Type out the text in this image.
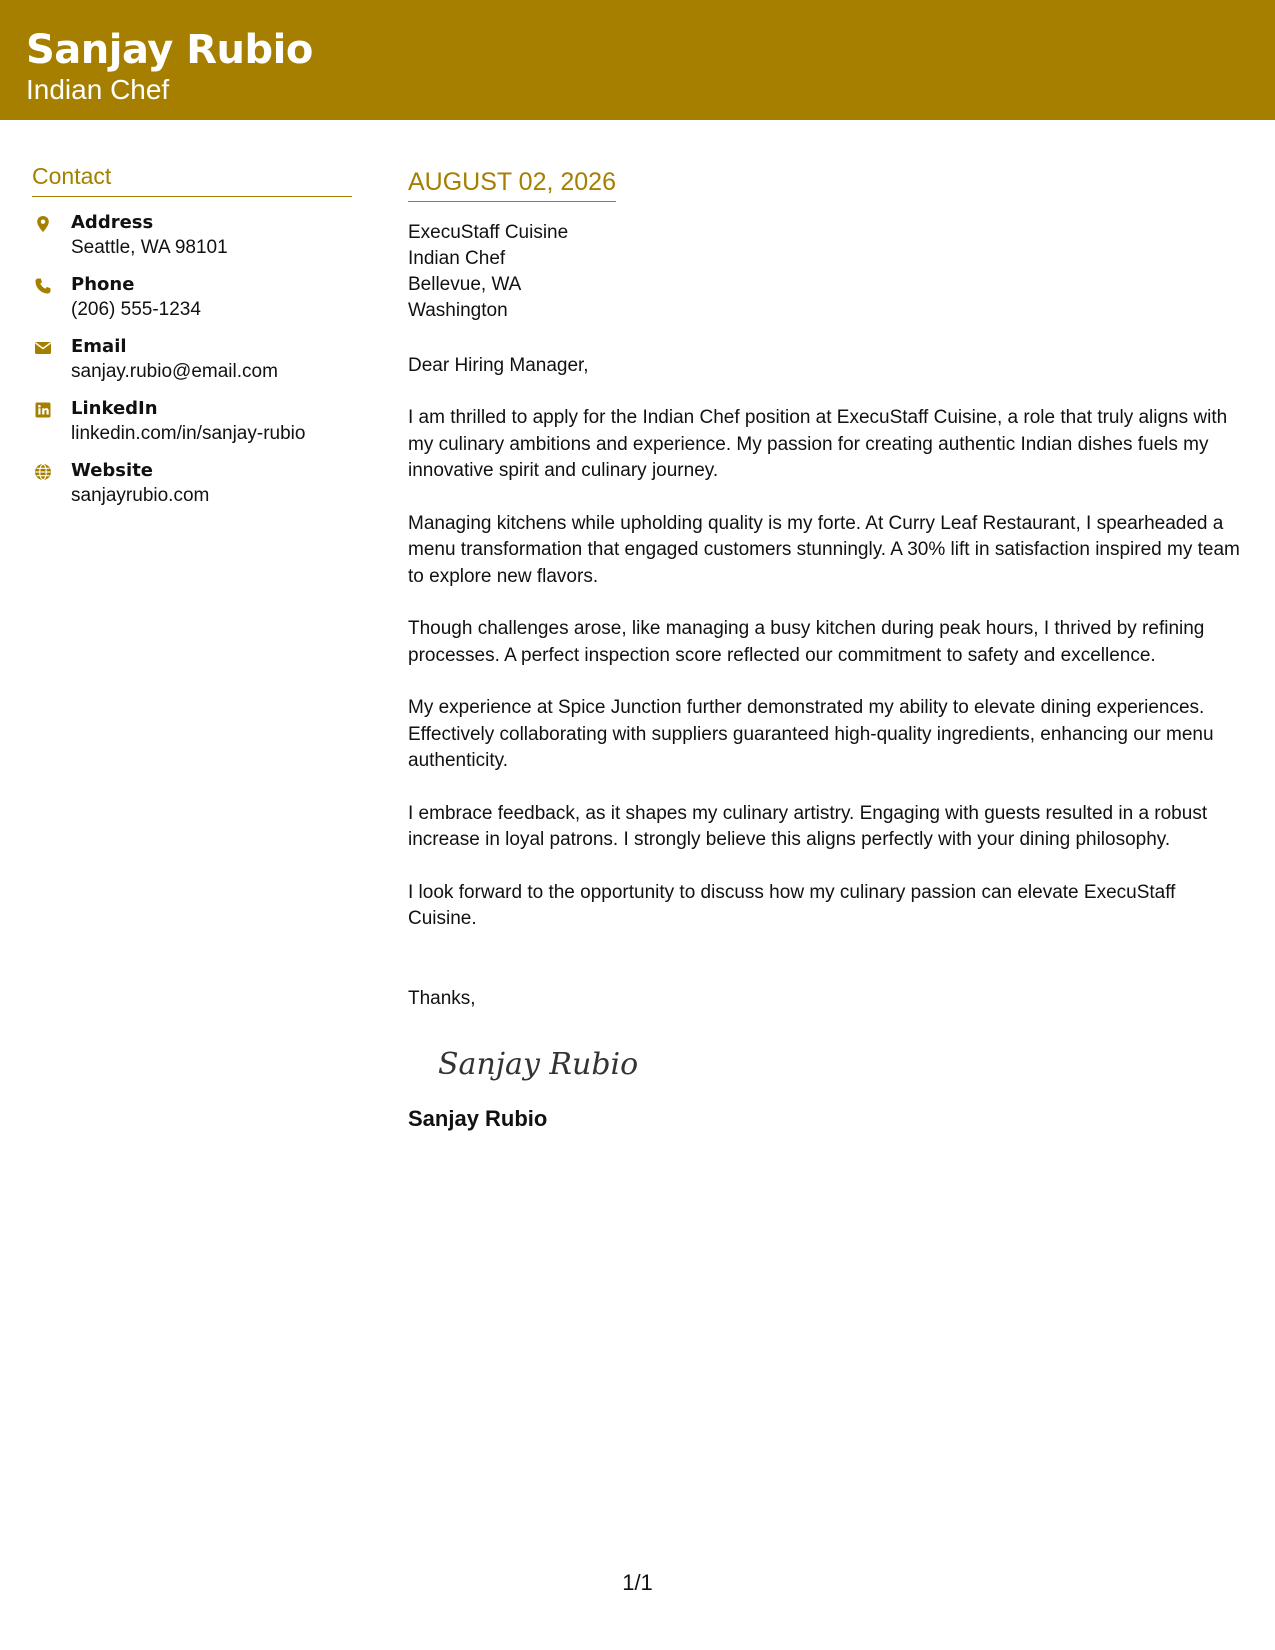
Sanjay Rubio
Indian Chef
Contact
Address
Seattle, WA 98101
Phone
(206) 555-1234
Email
sanjay.rubio@email.com
LinkedIn
linkedin.com/in/sanjay-rubio
Website
sanjayrubio.com
AUGUST 02, 2026
ExecuStaff Cuisine
Indian Chef
Bellevue, WA
Washington
Dear Hiring Manager,
I am thrilled to apply for the Indian Chef position at ExecuStaff Cuisine, a role that truly aligns with my culinary ambitions and experience. My passion for creating authentic Indian dishes fuels my innovative spirit and culinary journey.
Managing kitchens while upholding quality is my forte. At Curry Leaf Restaurant, I spearheaded a menu transformation that engaged customers stunningly. A 30% lift in satisfaction inspired my team to explore new flavors.
Though challenges arose, like managing a busy kitchen during peak hours, I thrived by refining processes. A perfect inspection score reflected our commitment to safety and excellence.
My experience at Spice Junction further demonstrated my ability to elevate dining experiences. Effectively collaborating with suppliers guaranteed high-quality ingredients, enhancing our menu authenticity.
I embrace feedback, as it shapes my culinary artistry. Engaging with guests resulted in a robust increase in loyal patrons. I strongly believe this aligns perfectly with your dining philosophy.
I look forward to the opportunity to discuss how my culinary passion can elevate ExecuStaff Cuisine.
Thanks,
Sanjay Rubio
Sanjay Rubio
1/1
